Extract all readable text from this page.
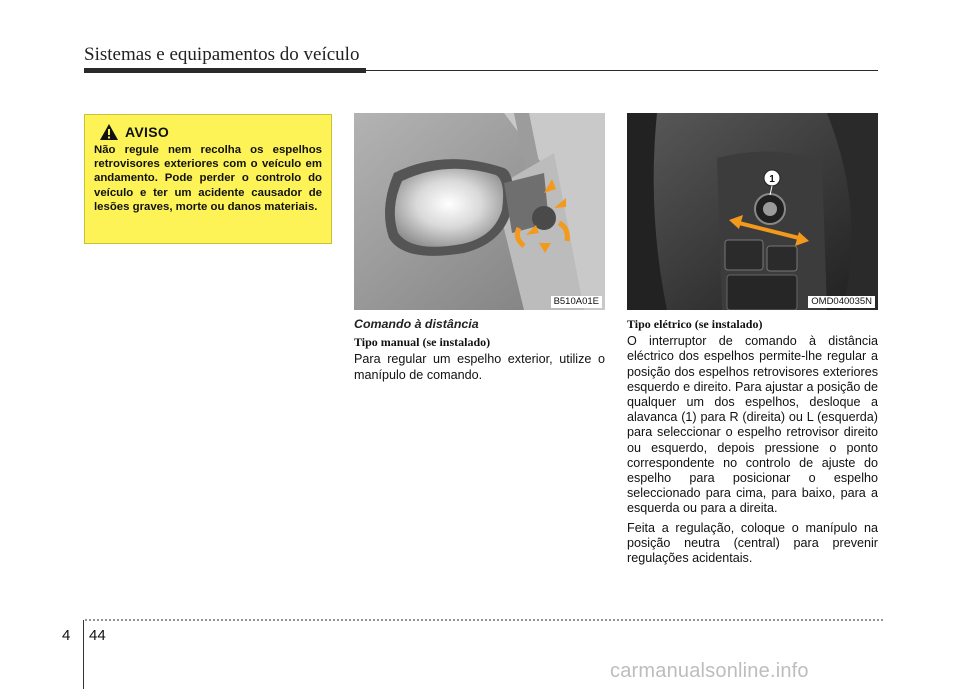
Sistemas e equipamentos do veículo
AVISO
Não regule nem recolha os espelhos retrovisores exteriores com o veículo em andamento. Pode perder o controlo do veículo e ter um acidente causador de lesões graves, morte ou danos materiais.
B510A01E
1
OMD040035N
Comando à distância
Tipo manual (se instalado)

Para regular um espelho exterior, utilize o manípulo de comando.

Tipo elétrico (se instalado)

O interruptor de comando à distância eléctrico dos espelhos permite-lhe regular a posição dos espelhos retrovisores exteriores esquerdo e direito. Para ajustar a posição de qualquer um dos espelhos, desloque a alavanca (1) para R (direita) ou L (esquerda) para seleccionar o espelho retrovisor direito ou esquerdo, depois pressione o ponto correspondente no controlo de ajuste do espelho para posicionar o espelho seleccionado para cima, para baixo, para a esquerda ou para a direita.

Feita a regulação, coloque o manípulo na posição neutra (central) para prevenir regulações acidentais.

4 44
carmanualsonline.info
